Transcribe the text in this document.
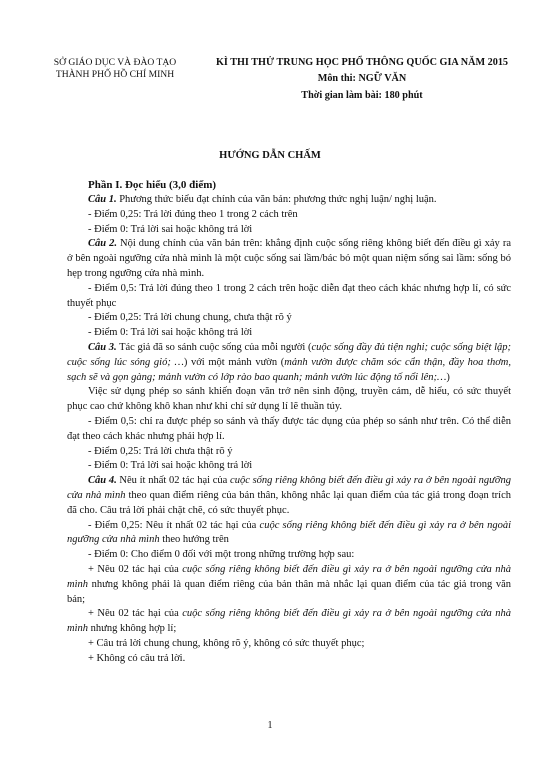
SỞ GIÁO DỤC VÀ ĐÀO TẠO
THÀNH PHỐ HỒ CHÍ MINH
KÌ THI THỬ TRUNG HỌC PHỔ THÔNG QUỐC GIA NĂM 2015
Môn thi: NGỮ VĂN
Thời gian làm bài: 180 phút
HƯỚNG DẪN CHẤM

Phần I. Đọc hiểu (3,0 điểm)

Câu 1. Phương thức biểu đạt chính của văn bản: phương thức nghị luận/ nghị luận.

- Điểm 0,25: Trả lời đúng theo 1 trong 2 cách trên

- Điểm 0: Trả lời sai hoặc không trả lời

Câu 2. Nội dung chính của văn bản trên: khẳng định cuộc sống riêng không biết đến điều gì xảy ra ở bên ngoài ngưỡng cửa nhà mình là một cuộc sống sai lầm/bác bỏ một quan niệm sống sai lầm: sống bó hẹp trong ngưỡng cửa nhà mình.

- Điểm 0,5: Trả lời đúng theo 1 trong 2 cách trên hoặc diễn đạt theo cách khác nhưng hợp lí, có sức thuyết phục

- Điểm 0,25: Trả lời chung chung, chưa thật rõ ý

- Điểm 0: Trả lời sai hoặc không trả lời

Câu 3. Tác giả đã so sánh cuộc sống của mỗi người (cuộc sống đầy đủ tiện nghi; cuộc sống biệt lập; cuộc sống lúc sóng gió; …) với một mảnh vườn (mảnh vườn được chăm sóc cẩn thận, đầy hoa thơm, sạch sẽ và gọn gàng; mảnh vườn có lớp rào bao quanh; mảnh vườn lúc động tố nổi lên;…)

Việc sử dụng phép so sánh khiến đoạn văn trở nên sinh động, truyền cảm, dễ hiểu, có sức thuyết phục cao chứ không khô khan như khi chỉ sử dụng lí lẽ thuần túy.

- Điểm 0,5: chỉ ra được phép so sánh và thấy được tác dụng của phép so sánh như trên. Có thể diễn đạt theo cách khác nhưng phải hợp lí.

- Điểm 0,25: Trả lời chưa thật rõ ý

- Điểm 0: Trả lời sai hoặc không trả lời

Câu 4. Nêu ít nhất 02 tác hại của cuộc sống riêng không biết đến điều gì xảy ra ở bên ngoài ngưỡng cửa nhà mình theo quan điểm riêng của bản thân, không nhắc lại quan điểm của tác giả trong đoạn trích đã cho. Câu trả lời phải chặt chẽ, có sức thuyết phục.

- Điểm 0,25: Nêu ít nhất 02 tác hại của cuộc sống riêng không biết đến điều gì xảy ra ở bên ngoài ngưỡng cửa nhà mình theo hướng trên

- Điểm 0: Cho điểm 0 đối với một trong những trường hợp sau:

+ Nêu 02 tác hại của cuộc sống riêng không biết đến điều gì xảy ra ở bên ngoài ngưỡng cửa nhà mình nhưng không phải là quan điểm riêng của bản thân mà nhắc lại quan điểm của tác giả trong văn bản;

+ Nêu 02 tác hại của cuộc sống riêng không biết đến điều gì xảy ra ở bên ngoài ngưỡng cửa nhà mình nhưng không hợp lí;

+ Câu trả lời chung chung, không rõ ý, không có sức thuyết phục;

+ Không có câu trả lời.

1
